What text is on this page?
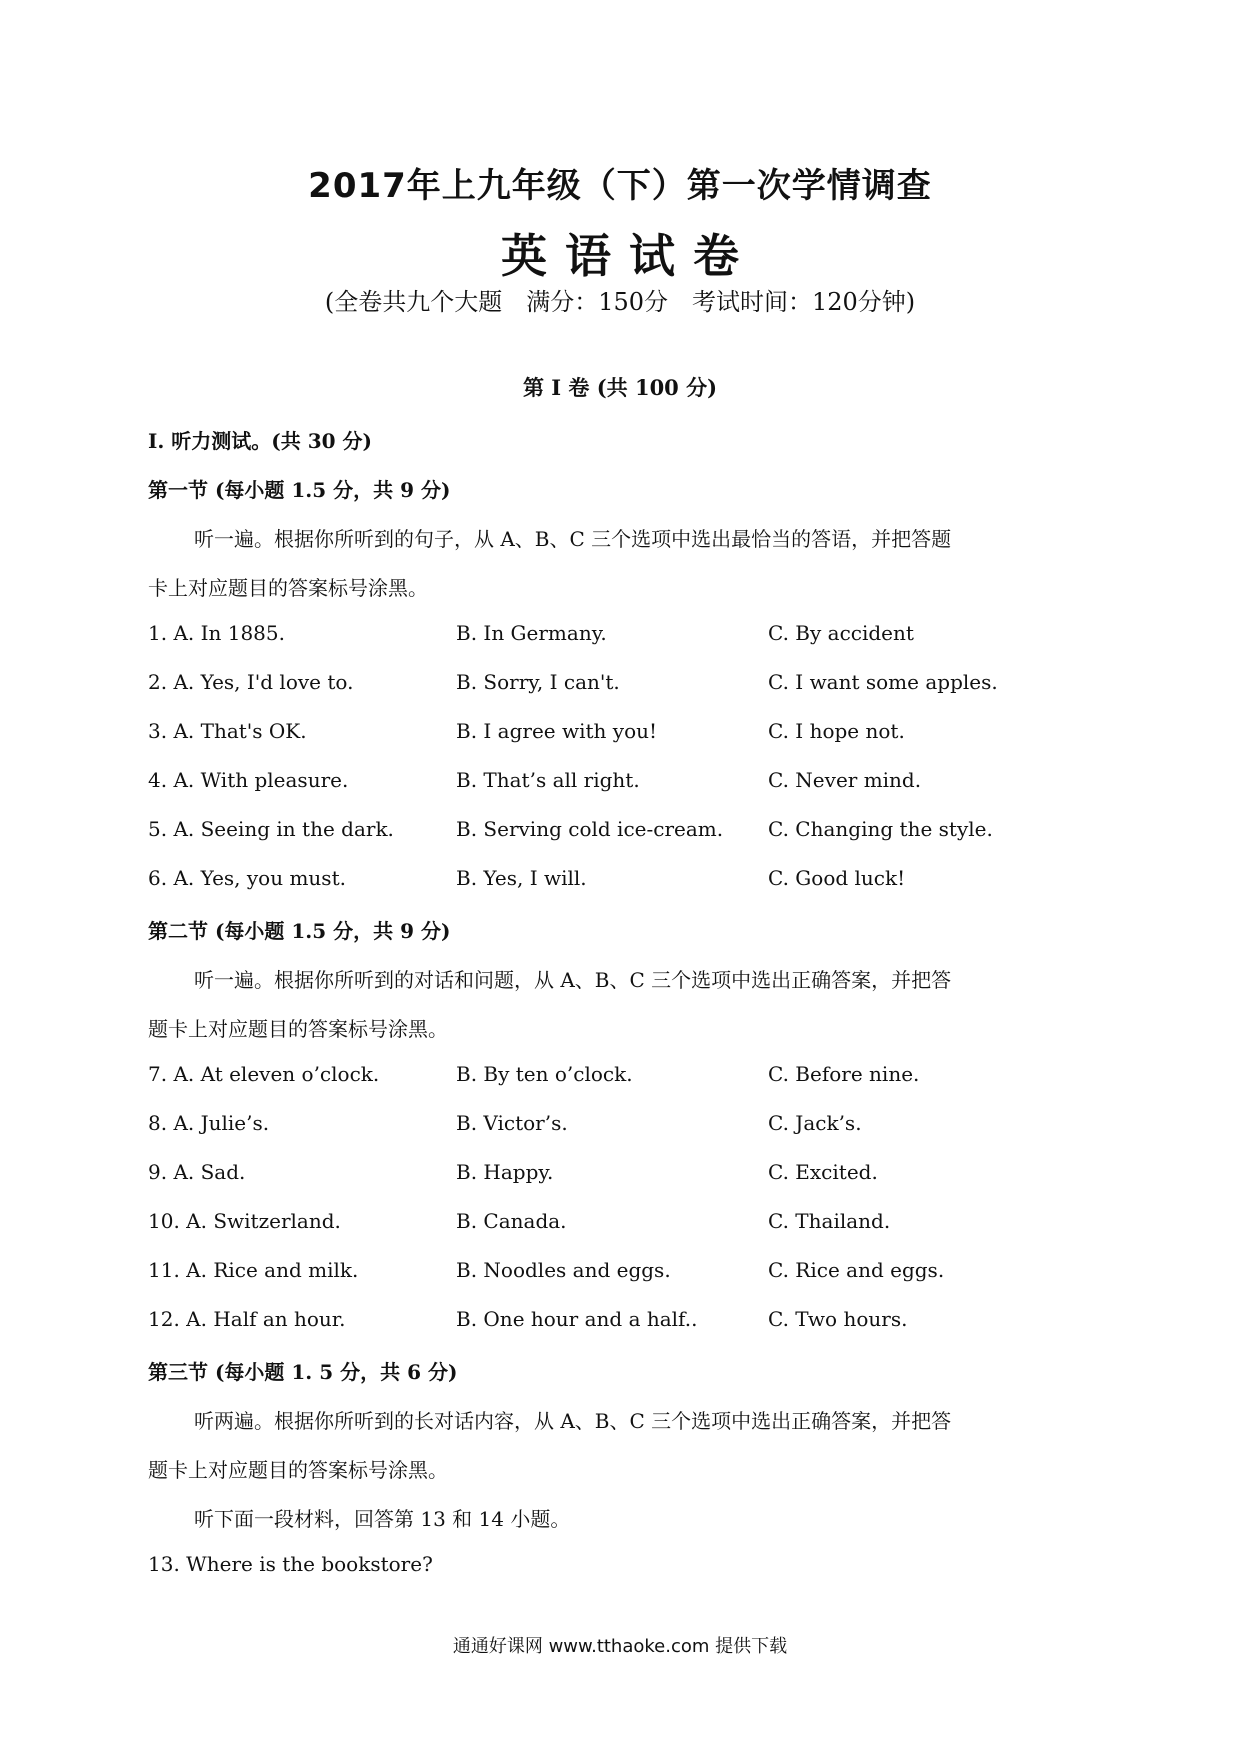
2017年上九年级（下）第一次学情调查
英语试卷
(全卷共九个大题　满分：150分　考试时间：120分钟)
第 I 卷 (共 100 分)
I. 听力测试。(共 30 分)
第一节 (每小题 1.5 分，共 9 分)
听一遍。根据你所听到的句子，从 A、B、C 三个选项中选出最恰当的答语，并把答题
卡上对应题目的答案标号涂黑。
1. A. In 1885.	B. In Germany.	C. By accident
2. A. Yes, I'd love to.	B. Sorry, I can't.	C. I want some apples.
3. A. That's OK.	B. I agree with you!	C. I hope not.
4. A. With pleasure.	B. That’s all right.	C. Never mind.
5. A. Seeing in the dark.	B. Serving cold ice-cream. C. Changing the style.
6. A. Yes, you must.	B. Yes, I will.	C. Good luck!
第二节 (每小题 1.5 分，共 9 分)
听一遍。根据你所听到的对话和问题，从 A、B、C 三个选项中选出正确答案，并把答
题卡上对应题目的答案标号涂黑。
7. A. At eleven o’clock.	B. By ten o’clock.	C. Before nine.
8. A. Julie’s.	B. Victor’s.	C. Jack’s.
9. A. Sad.	B. Happy.	C. Excited.
10. A. Switzerland.	B. Canada.	C. Thailand.
11. A. Rice and milk.	B. Noodles and eggs.	C. Rice and eggs.
12. A. Half an hour.	B. One hour and a half..	C. Two hours.
第三节 (每小题 1. 5 分，共 6 分)
听两遍。根据你所听到的长对话内容，从 A、B、C 三个选项中选出正确答案，并把答
题卡上对应题目的答案标号涂黑。
听下面一段材料，回答第 13 和 14 小题。
13. Where is the bookstore?
通通好课网 www.tthaoke.com 提供下载
